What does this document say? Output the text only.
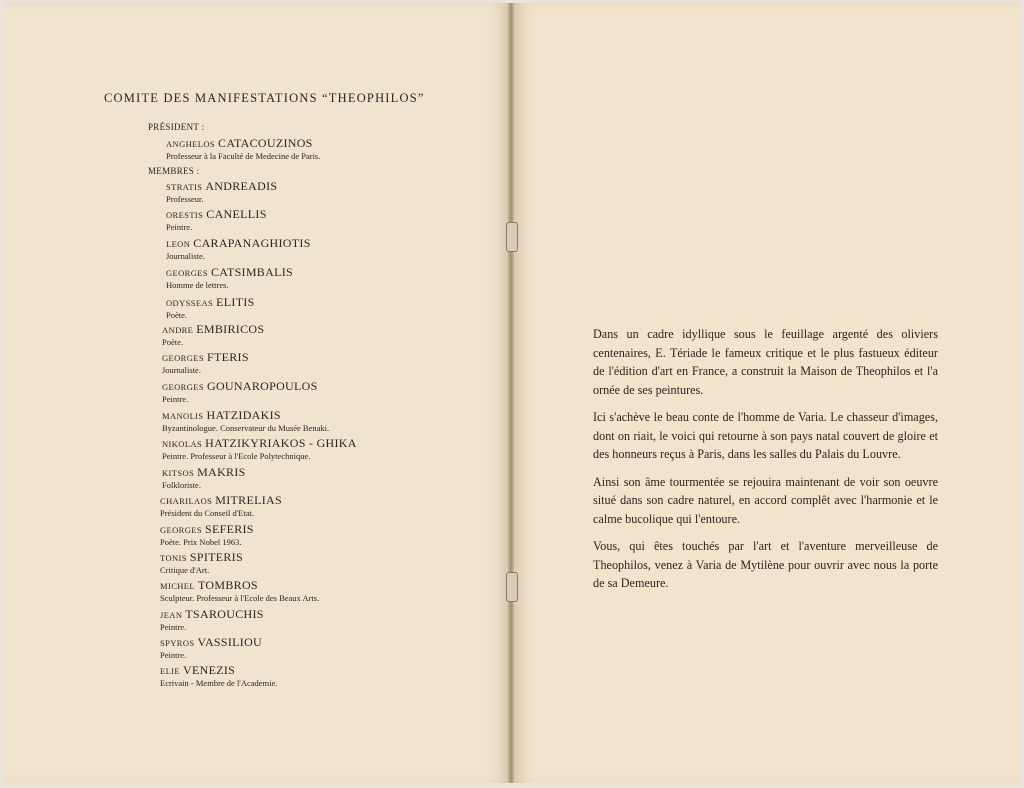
COMITE DES MANIFESTATIONS “THEOPHILOS”
PRÉSIDENT :
ANGHELOS CATACOUZINOS
Professeur à la Faculté de Medecine de Paris.
MEMBRES :
STRATIS ANDREADIS
Professeur.
ORESTIS CANELLIS
Peintre.
LEON CARAPANAGHIOTIS
Journaliste.
GEORGES CATSIMBALIS
Homme de lettres.
ODYSSEAS ELITIS
Poète.
ANDRE EMBIRICOS
Poète.
GEORGES FTERIS
Journaliste.
GEORGES GOUNAROPOULOS
Peintre.
MANOLIS HATZIDAKIS
Byzantinologue. Conservateur du Musée Benaki.
NIKOLAS HATZIKYRIAKOS - GHIKA
Peintre. Professeur à l'Ecole Polytechnique.
KITSOS MAKRIS
Folkloriste.
CHARILAOS MITRELIAS
Président du Conseil d'Etat.
GEORGES SEFERIS
Poète. Prix Nobel 1963.
TONIS SPITERIS
Critique d'Art.
MICHEL TOMBROS
Sculpteur. Professeur à l'Ecole des Beaux Arts.
JEAN TSAROUCHIS
Peintre.
SPYROS VASSILIOU
Peintre.
ELIE VENEZIS
Ecrivain - Membre de l'Academie.

Dans un cadre idyllique sous le feuillage argenté des oliviers centenaires, E. Tériade le fameux critique et le plus fastueux éditeur de l'édition d'art en France, a construit la Maison de Theophilos et l'a ornée de ses peintures.

Ici s'achève le beau conte de l'homme de Varia. Le chasseur d'images, dont on riait, le voici qui retourne à son pays natal couvert de gloire et des honneurs reçus à Paris, dans les salles du Palais du Louvre.

Ainsi son âme tourmentée se rejouira maintenant de voir son oeuvre situé dans son cadre naturel, en accord complêt avec l'harmonie et le calme bucolique qui l'entoure.

Vous, qui êtes touchés par l'art et l'aventure merveilleuse de Theophilos, venez à Varia de Mytilène pour ouvrir avec nous la porte de sa Demeure.
